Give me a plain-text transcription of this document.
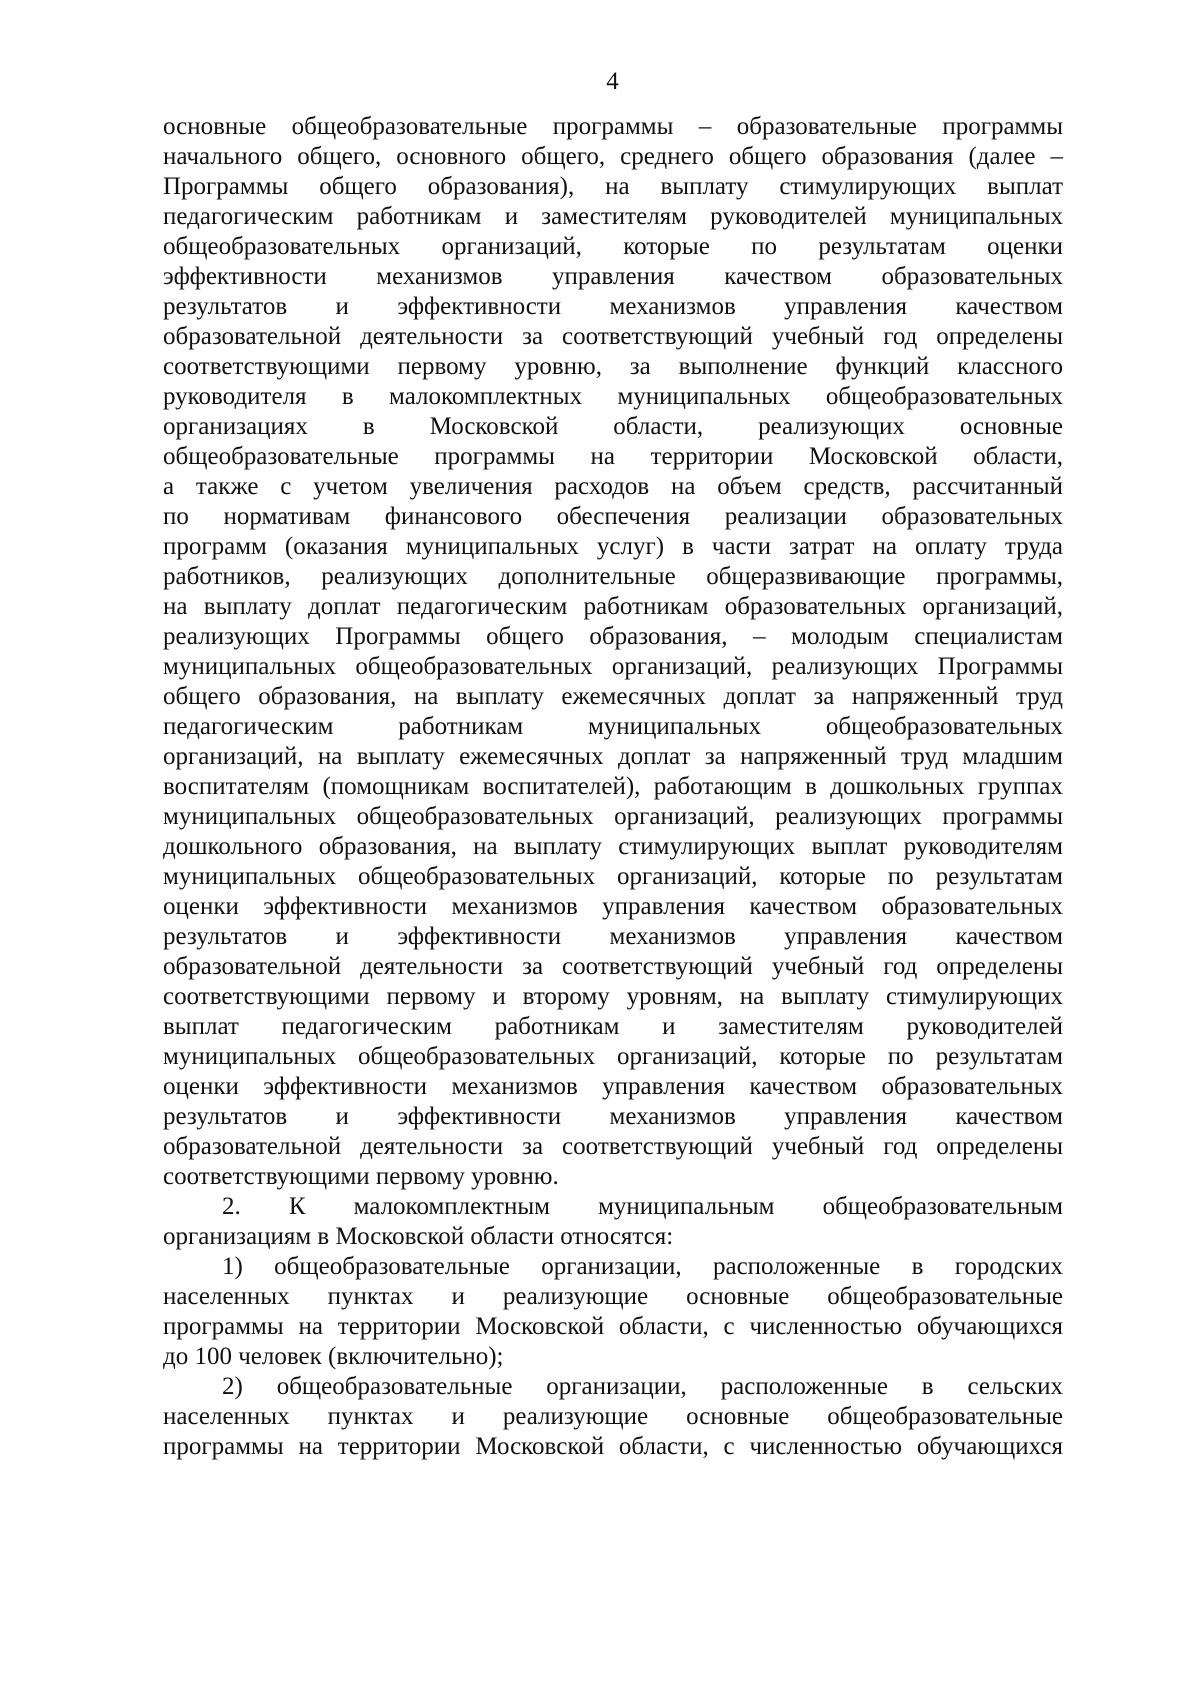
4
основные общеобразовательные программы – образовательные программы
начального общего, основного общего, среднего общего образования (далее –
Программы общего образования), на выплату стимулирующих выплат
педагогическим работникам и заместителям руководителей муниципальных
общеобразовательных организаций, которые по результатам оценки
эффективности механизмов управления качеством образовательных
результатов и эффективности механизмов управления качеством
образовательной деятельности за соответствующий учебный год определены
соответствующими первому уровню, за выполнение функций классного
руководителя в малокомплектных муниципальных общеобразовательных
организациях в Московской области, реализующих основные
общеобразовательные программы на территории Московской области,
а также с учетом увеличения расходов на объем средств, рассчитанный
по нормативам финансового обеспечения реализации образовательных
программ (оказания муниципальных услуг) в части затрат на оплату труда
работников, реализующих дополнительные общеразвивающие программы,
на выплату доплат педагогическим работникам образовательных организаций,
реализующих Программы общего образования, – молодым специалистам
муниципальных общеобразовательных организаций, реализующих Программы
общего образования, на выплату ежемесячных доплат за напряженный труд
педагогическим работникам муниципальных общеобразовательных
организаций, на выплату ежемесячных доплат за напряженный труд младшим
воспитателям (помощникам воспитателей), работающим в дошкольных группах
муниципальных общеобразовательных организаций, реализующих программы
дошкольного образования, на выплату стимулирующих выплат руководителям
муниципальных общеобразовательных организаций, которые по результатам
оценки эффективности механизмов управления качеством образовательных
результатов и эффективности механизмов управления качеством
образовательной деятельности за соответствующий учебный год определены
соответствующими первому и второму уровням, на выплату стимулирующих
выплат педагогическим работникам и заместителям руководителей
муниципальных общеобразовательных организаций, которые по результатам
оценки эффективности механизмов управления качеством образовательных
результатов и эффективности механизмов управления качеством
образовательной деятельности за соответствующий учебный год определены
соответствующими первому уровню.
2. К малокомплектным муниципальным общеобразовательным
организациям в Московской области относятся:
1) общеобразовательные организации, расположенные в городских
населенных пунктах и реализующие основные общеобразовательные
программы на территории Московской области, с численностью обучающихся
до 100 человек (включительно);
2) общеобразовательные организации, расположенные в сельских
населенных пунктах и реализующие основные общеобразовательные
программы на территории Московской области, с численностью обучающихся
